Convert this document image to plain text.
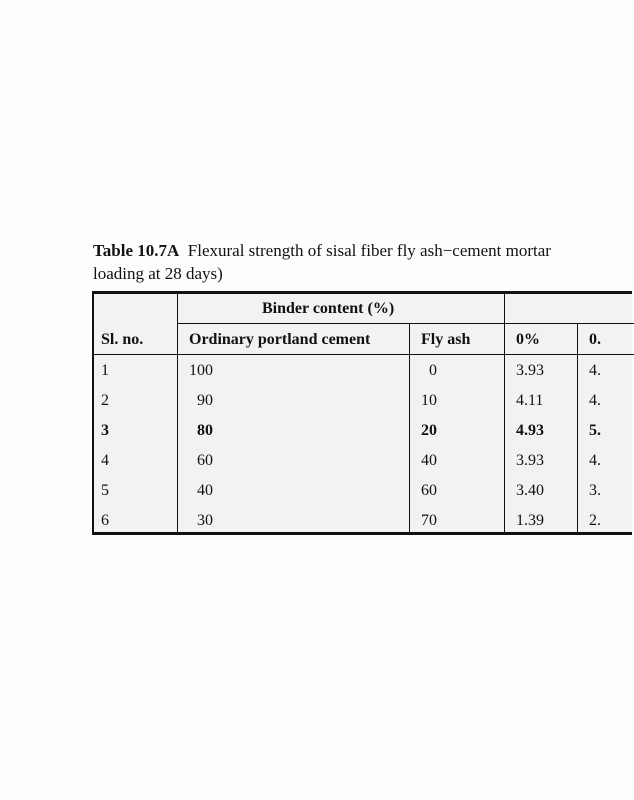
Table 10.7A Flexural strength of sisal fiber fly ash−cement mortar
loading at 28 days)
Binder content (%)
Sl. no.	Ordinary portland cement	Fly ash	0%	0.
1	100	0	3.93	4.
2	90	10	4.11	4.
3	80	20	4.93	5.
4	60	40	3.93	4.
5	40	60	3.40	3.
6	30	70	1.39	2.
